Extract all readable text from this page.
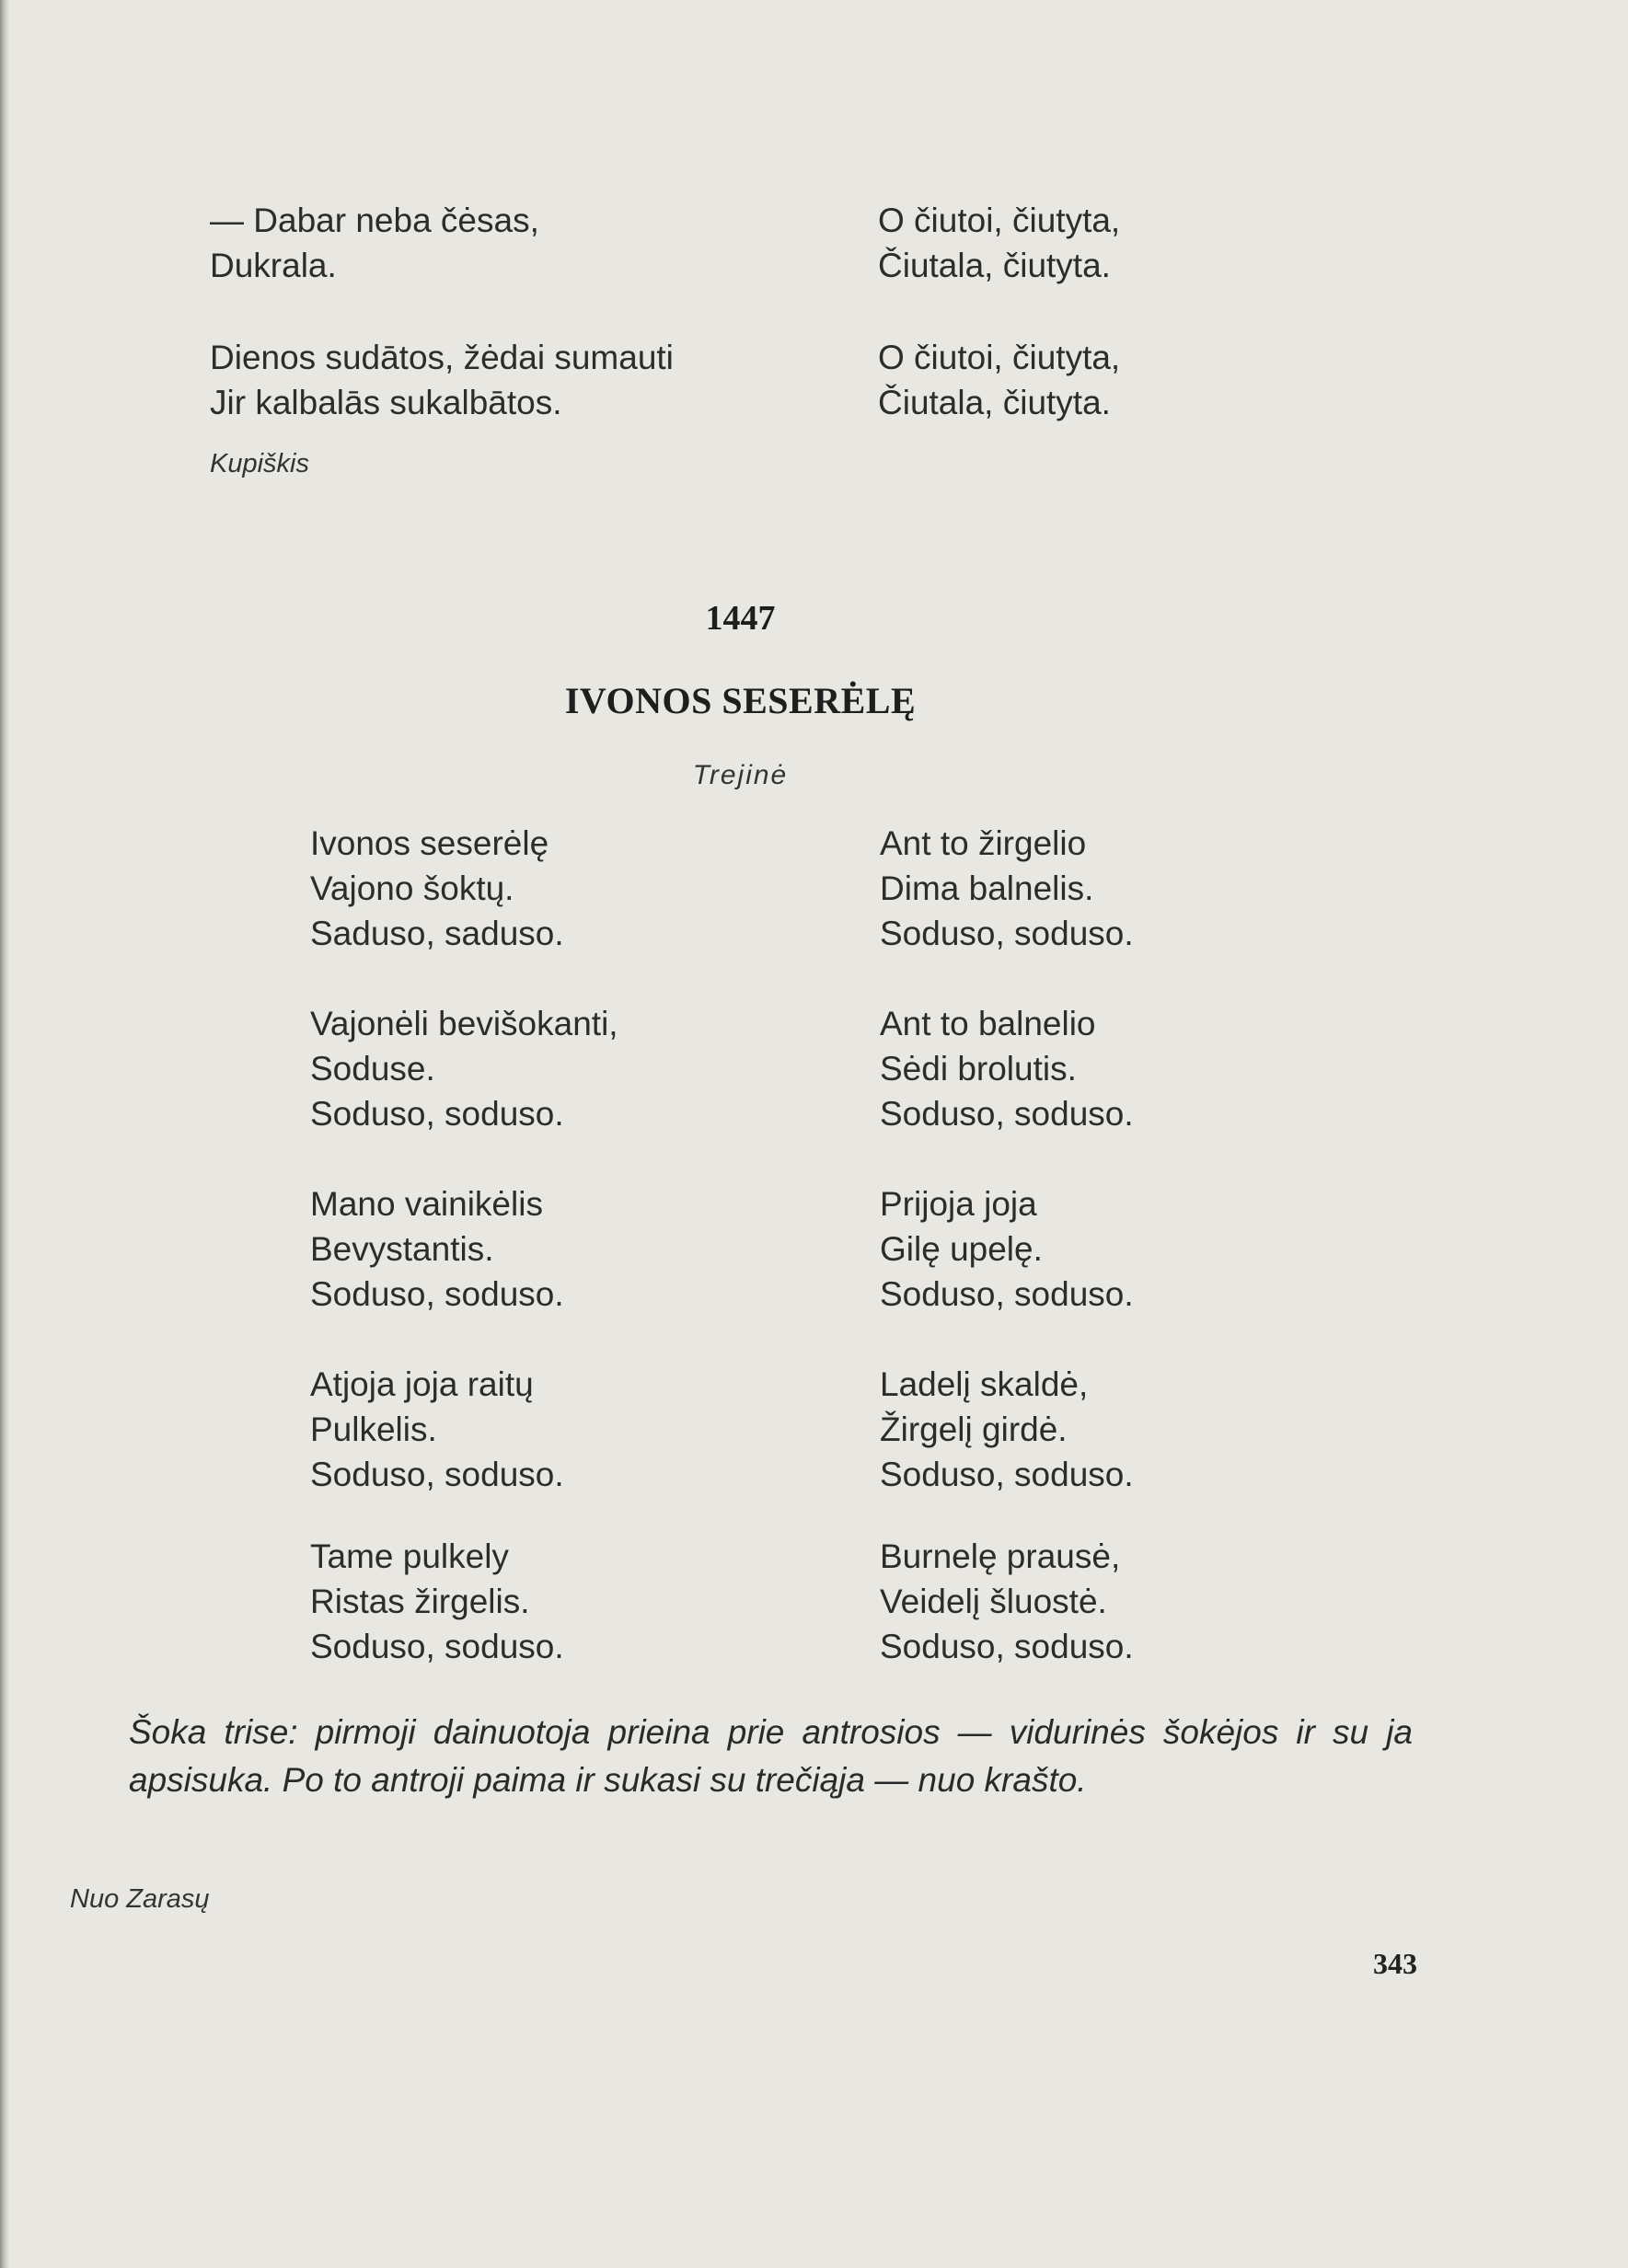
— Dabar neba čėsas,
Dukrala.
Dienos sudātos, žėdai sumauti
Jir kalbalās sukalbātos.
O čiutoi, čiutyta,
Čiutala, čiutyta.
O čiutoi, čiutyta,
Čiutala, čiutyta.
Kupiškis
1447
IVONOS SESERĖLĘ
Trejinė
Ivonos seserėlę
Vajono šoktų.
Saduso, saduso.
Vajonėli bevišokanti,
Soduse.
Soduso, soduso.
Mano vainikėlis
Bevystantis.
Soduso, soduso.
Atjoja joja raitų
Pulkelis.
Soduso, soduso.
Tame pulkely
Ristas žirgelis.
Soduso, soduso.
Ant to žirgelio
Dima balnelis.
Soduso, soduso.
Ant to balnelio
Sėdi brolutis.
Soduso, soduso.
Prijoja joja
Gilę upelę.
Soduso, soduso.
Ladelį skaldė,
Žirgelį girdė.
Soduso, soduso.
Burnelę prausė,
Veidelį šluostė.
Soduso, soduso.
Šoka trise: pirmoji dainuotoja prieina prie antrosios — vidurinės šokėjos ir su ja apsisuka. Po to antroji paima ir sukasi su trečiąja — nuo krašto.
Nuo Zarasų
343
